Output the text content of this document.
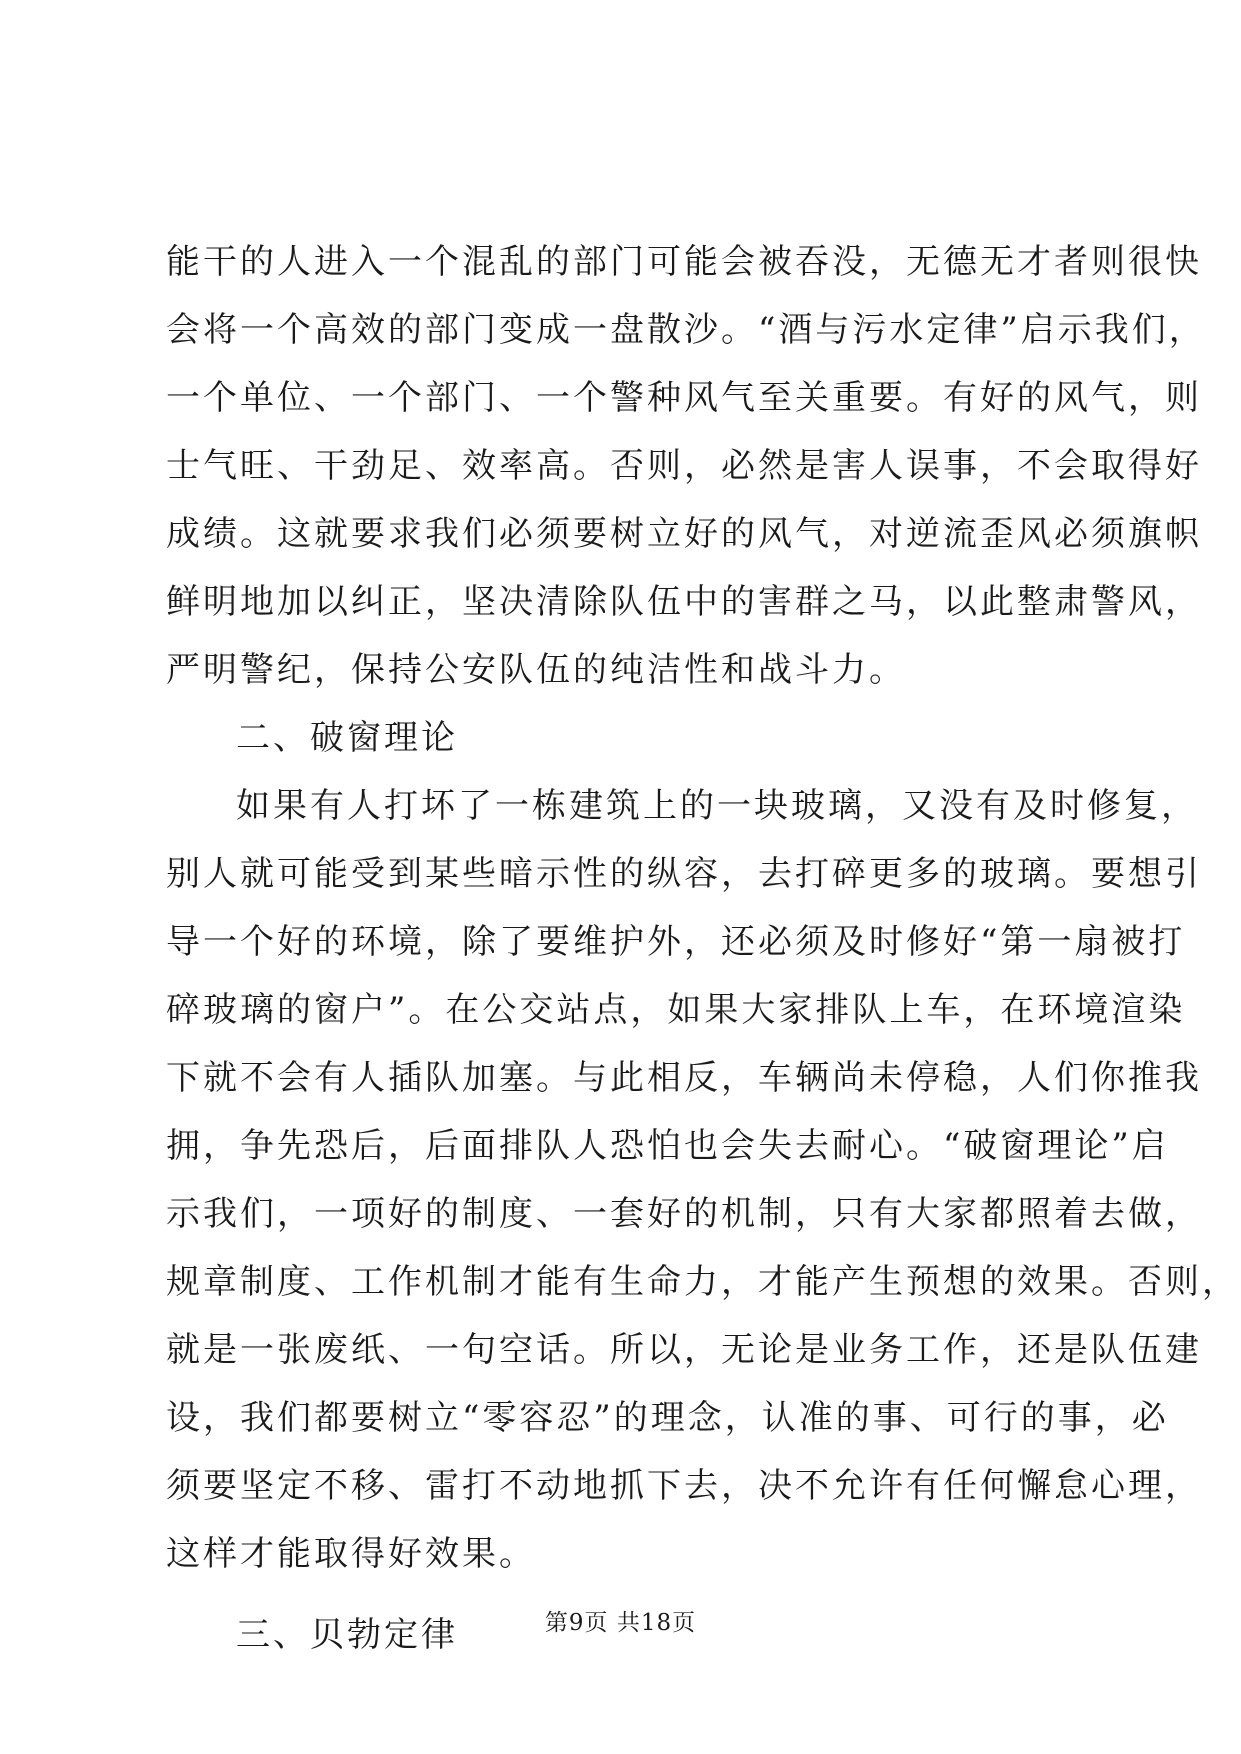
能干的人进入一个混乱的部门可能会被吞没，无德无才者则很快
会将一个高效的部门变成一盘散沙。“酒与污水定律”启示我们，
一个单位、一个部门、一个警种风气至关重要。有好的风气，则
士气旺、干劲足、效率高。否则，必然是害人误事，不会取得好
成绩。这就要求我们必须要树立好的风气，对逆流歪风必须旗帜
鲜明地加以纠正，坚决清除队伍中的害群之马，以此整肃警风，
严明警纪，保持公安队伍的纯洁性和战斗力。
二、破窗理论
如果有人打坏了一栋建筑上的一块玻璃，又没有及时修复，
别人就可能受到某些暗示性的纵容，去打碎更多的玻璃。要想引
导一个好的环境，除了要维护外，还必须及时修好“第一扇被打
碎玻璃的窗户”。在公交站点，如果大家排队上车，在环境渲染
下就不会有人插队加塞。与此相反，车辆尚未停稳，人们你推我
拥，争先恐后，后面排队人恐怕也会失去耐心。“破窗理论”启
示我们，一项好的制度、一套好的机制，只有大家都照着去做，
规章制度、工作机制才能有生命力，才能产生预想的效果。否则，
就是一张废纸、一句空话。所以，无论是业务工作，还是队伍建
设，我们都要树立“零容忍”的理念，认准的事、可行的事，必
须要坚定不移、雷打不动地抓下去，决不允许有任何懈怠心理，
这样才能取得好效果。
三、贝勃定律	第9页 共18页
